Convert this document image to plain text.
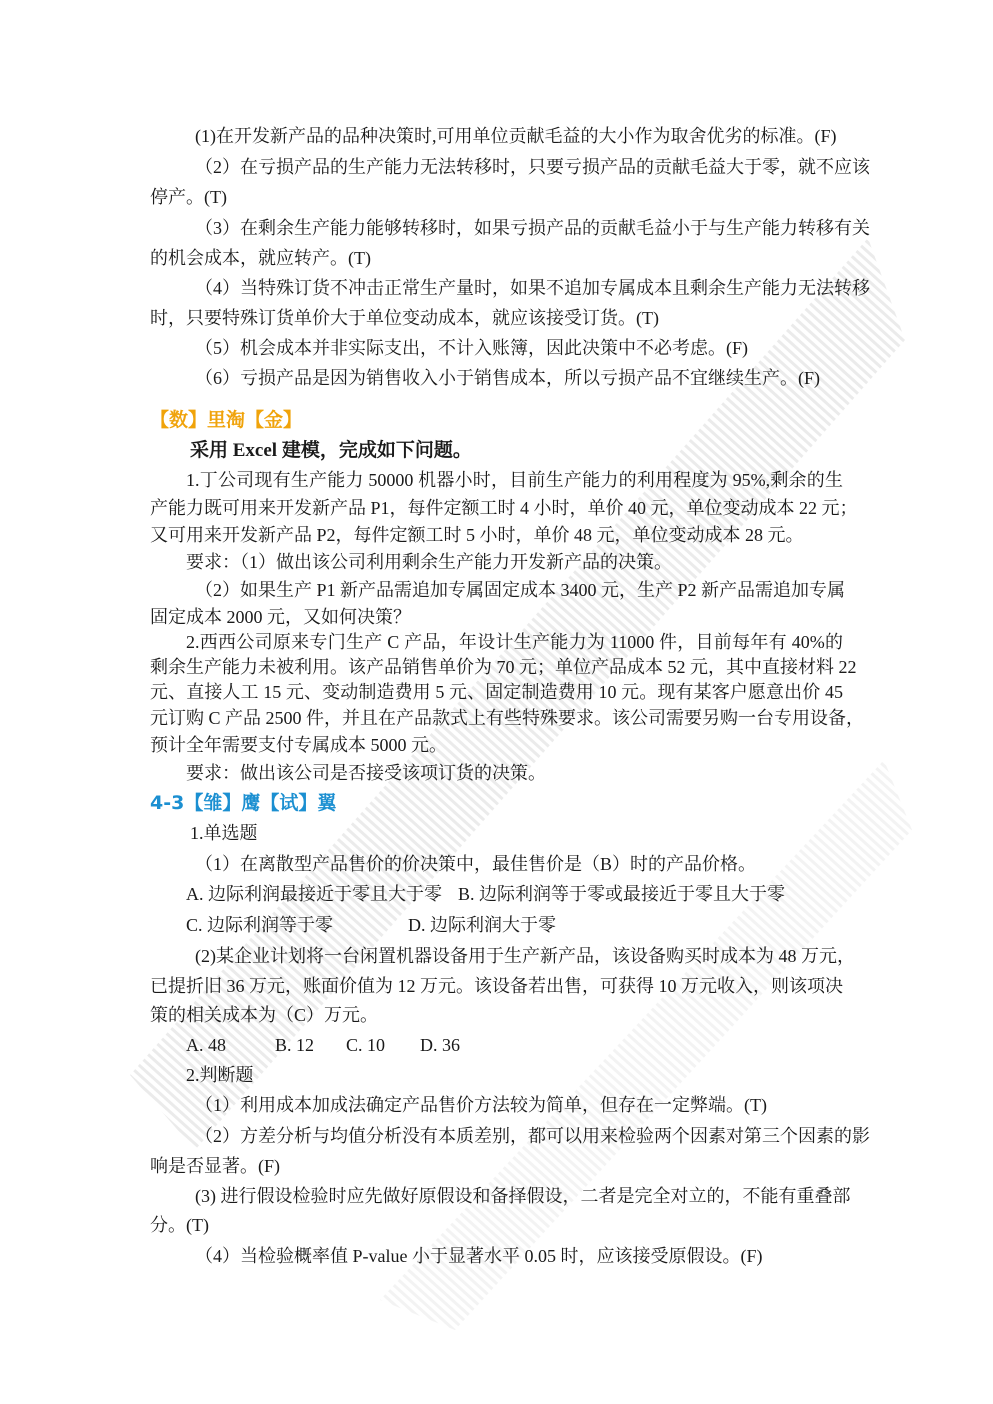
(1)在开发新产品的品种决策时,可用单位贡献毛益的大小作为取舍优劣的标准。(F)
（2）在亏损产品的生产能力无法转移时，只要亏损产品的贡献毛益大于零，就不应该
停产。(T)
（3）在剩余生产能力能够转移时，如果亏损产品的贡献毛益小于与生产能力转移有关
的机会成本，就应转产。(T)
（4）当特殊订货不冲击正常生产量时，如果不追加专属成本且剩余生产能力无法转移
时，只要特殊订货单价大于单位变动成本，就应该接受订货。(T)
（5）机会成本并非实际支出，不计入账簿，因此决策中不必考虑。(F)
（6）亏损产品是因为销售收入小于销售成本，所以亏损产品不宜继续生产。(F)
【数】里淘【金】
采用 Excel 建模，完成如下问题。
1.丁公司现有生产能力 50000 机器小时，目前生产能力的利用程度为 95%,剩余的生
产能力既可用来开发新产品 P1，每件定额工时 4 小时，单价 40 元，单位变动成本 22 元；
又可用来开发新产品 P2，每件定额工时 5 小时，单价 48 元，单位变动成本 28 元。
要求：（1）做出该公司利用剩余生产能力开发新产品的决策。
（2）如果生产 P1 新产品需追加专属固定成本 3400 元，生产 P2 新产品需追加专属
固定成本 2000 元，又如何决策？
2.西西公司原来专门生产 C 产品，年设计生产能力为 11000 件，目前每年有 40%的
剩余生产能力未被利用。该产品销售单价为 70 元；单位产品成本 52 元，其中直接材料 22
元、直接人工 15 元、变动制造费用 5 元、固定制造费用 10 元。现有某客户愿意出价 45
元订购 C 产品 2500 件，并且在产品款式上有些特殊要求。该公司需要另购一台专用设备，
预计全年需要支付专属成本 5000 元。
要求：做出该公司是否接受该项订货的决策。
4-3【雏】鹰【试】翼
1.单选题
（1）在离散型产品售价的价决策中，最佳售价是（B）时的产品价格。
A. 边际利润最接近于零且大于零 B. 边际利润等于零或最接近于零且大于零
C. 边际利润等于零	D. 边际利润大于零
(2)某企业计划将一台闲置机器设备用于生产新产品，该设备购买时成本为 48 万元，
已提折旧 36 万元，账面价值为 12 万元。该设备若出售，可获得 10 万元收入，则该项决
策的相关成本为（C）万元。
A. 48	B. 12 C. 10 D. 36
2.判断题
（1）利用成本加成法确定产品售价方法较为简单，但存在一定弊端。(T)
（2）方差分析与均值分析没有本质差别，都可以用来检验两个因素对第三个因素的影
响是否显著。(F)
(3) 进行假设检验时应先做好原假设和备择假设，二者是完全对立的，不能有重叠部
分。(T)
（4）当检验概率值 P-value 小于显著水平 0.05 时，应该接受原假设。(F)
